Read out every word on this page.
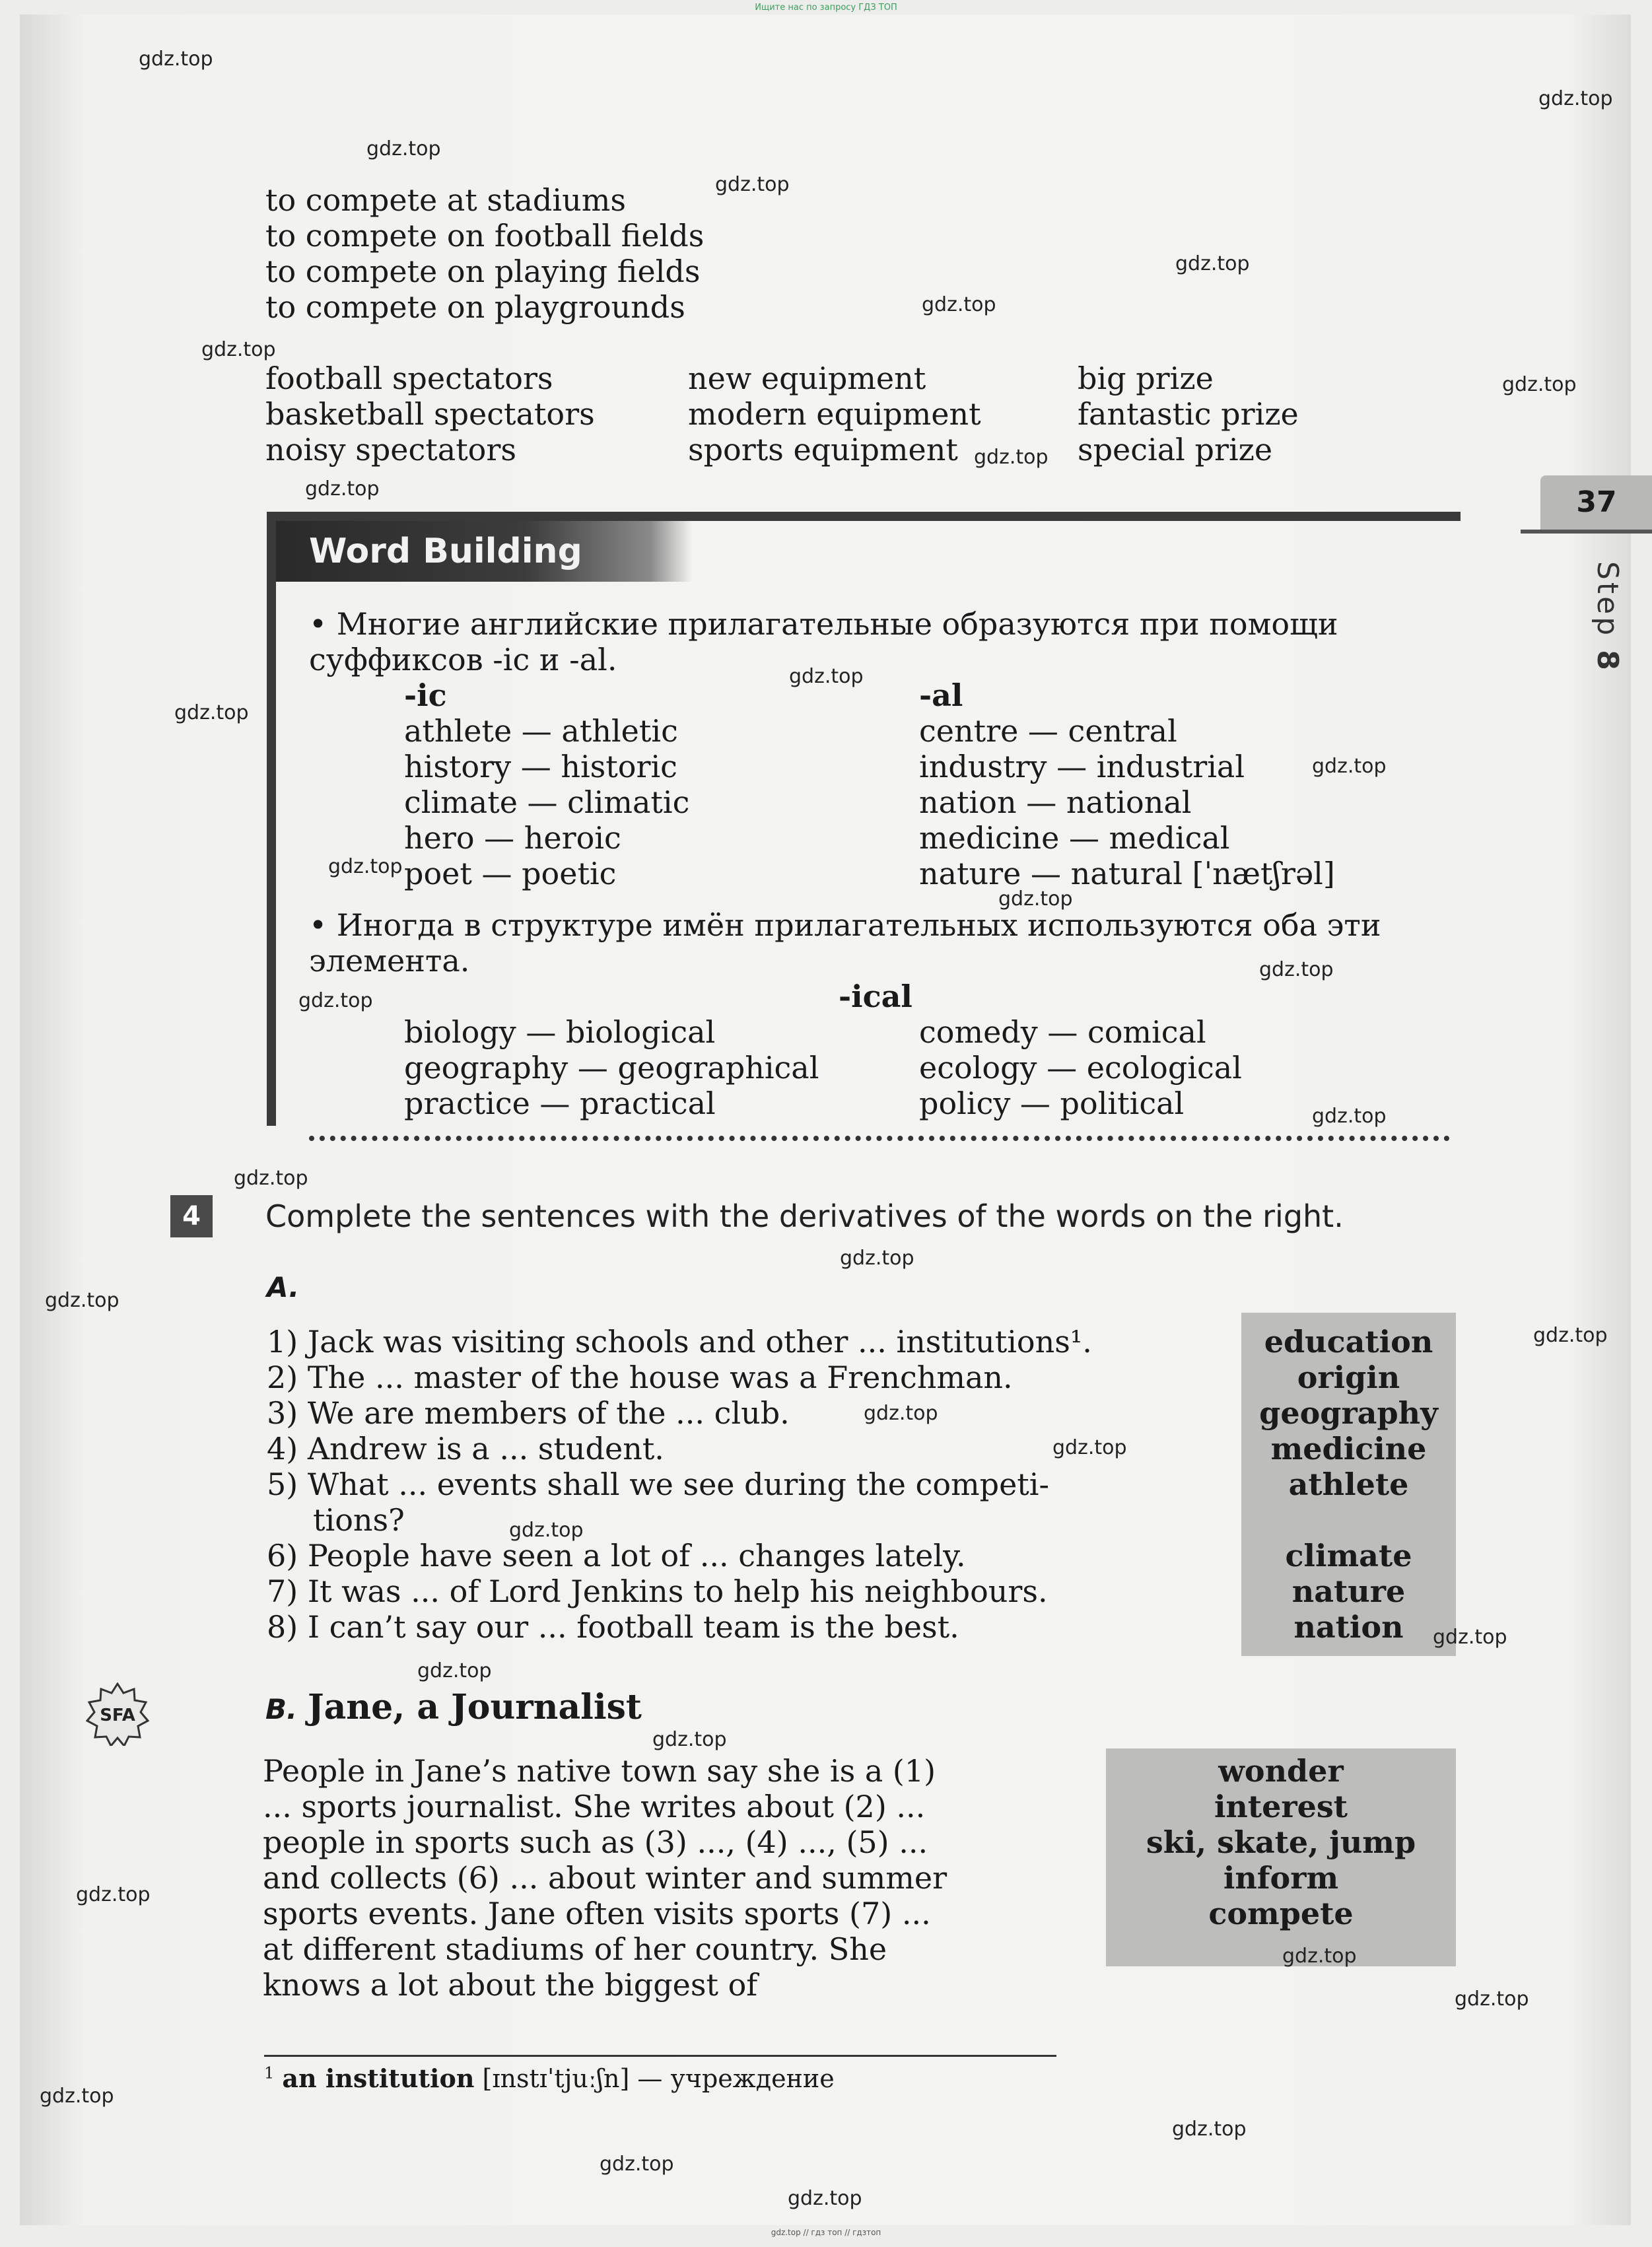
Ищите нас по запросу ГДЗ ТОП
37
Step 8
to compete at stadiums
to compete on football fields
to compete on playing fields
to compete on playgrounds
football spectators
basketball spectators
noisy spectators
new equipment
modern equipment
sports equipment
big prize
fantastic prize
special prize
Word Building
• Многие английские прилагательные образуются при помощи
суффиксов -ic и -al.
-ic
athlete — athletic
history — historic
climate — climatic
hero — heroic
poet — poetic
-al
centre — central
industry — industrial
nation — national
medicine — medical
nature — natural [ˈnætʃrəl]
• Иногда в структуре имён прилагательных используются оба эти
элемента.
-ical
biology — biological
geography — geographical
practice — practical
comedy — comical
ecology — ecological
policy — political
4	Complete the sentences with the derivatives of the words on the right.
A.
1) Jack was visiting schools and other ... institutions¹.
2) The ... master of the house was a Frenchman.
3) We are members of the ... club.
4) Andrew is a ... student.
5) What ... events shall we see during the competi-
tions?
6) People have seen a lot of ... changes lately.
7) It was ... of Lord Jenkins to help his neighbours.
8) I can’t say our ... football team is the best.
education
origin
geography
medicine
athlete
climate
nature
nation
SFA	B. Jane, a Journalist
People in Jane’s native town say she is a (1)
... sports journalist. She writes about (2) ...
people in sports such as (3) ..., (4) ..., (5) ...
and collects (6) ... about winter and summer
sports events. Jane often visits sports (7) ...
at different stadiums of her country. She
knows a lot about the biggest of
wonder
interest
ski, skate, jump
inform
compete
$^1$ an institution [ɪnstɪˈtjuːʃn] — учреждение
gdz.top
gdz.top
gdz.top
gdz.top
gdz.top
gdz.top
gdz.top
gdz.top
gdz.top
gdz.top
gdz.top
gdz.top
gdz.top
gdz.top
gdz.top
gdz.top
gdz.top
gdz.top
gdz.top
gdz.top
gdz.top
gdz.top
gdz.top
gdz.top
gdz.top
gdz.top
gdz.top
gdz.top
gdz.top
gdz.top
gdz.top
gdz.top
gdz.top
gdz.top
gdz.top
gdz.top // гдз топ // гдзтоп
